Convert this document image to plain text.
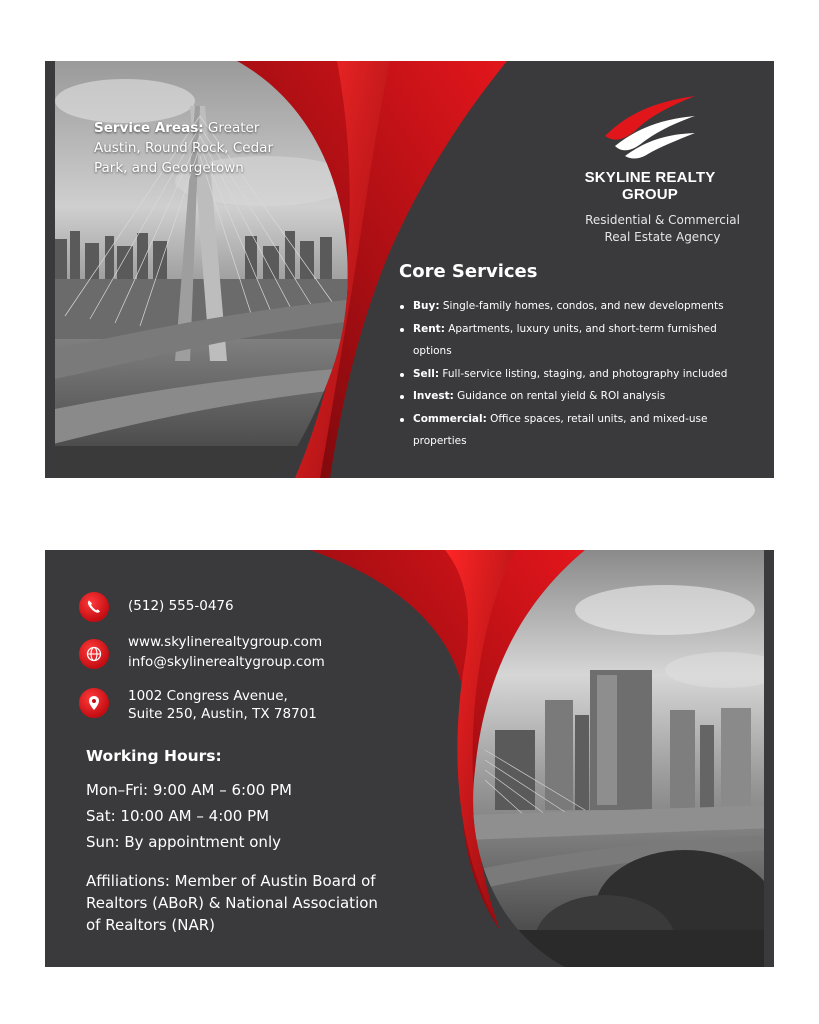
Service Areas: Greater Austin, Round Rock, Cedar Park, and Georgetown
SKYLINE REALTY
GROUP
Residential & Commercial
Real Estate Agency
Core Services
Buy: Single-family homes, condos, and new developments
Rent: Apartments, luxury units, and short-term furnished options
Sell: Full-service listing, staging, and photography included
Invest: Guidance on rental yield & ROI analysis
Commercial: Office spaces, retail units, and mixed-use properties
(512) 555-0476
www.skylinerealtygroup.com
info@skylinerealtygroup.com
1002 Congress Avenue,
Suite 250, Austin, TX 78701
Working Hours:
Mon–Fri: 9:00 AM – 6:00 PM
Sat: 10:00 AM – 4:00 PM
Sun: By appointment only
Affiliations: Member of Austin Board of Realtors (ABoR) & National Association of Realtors (NAR)
